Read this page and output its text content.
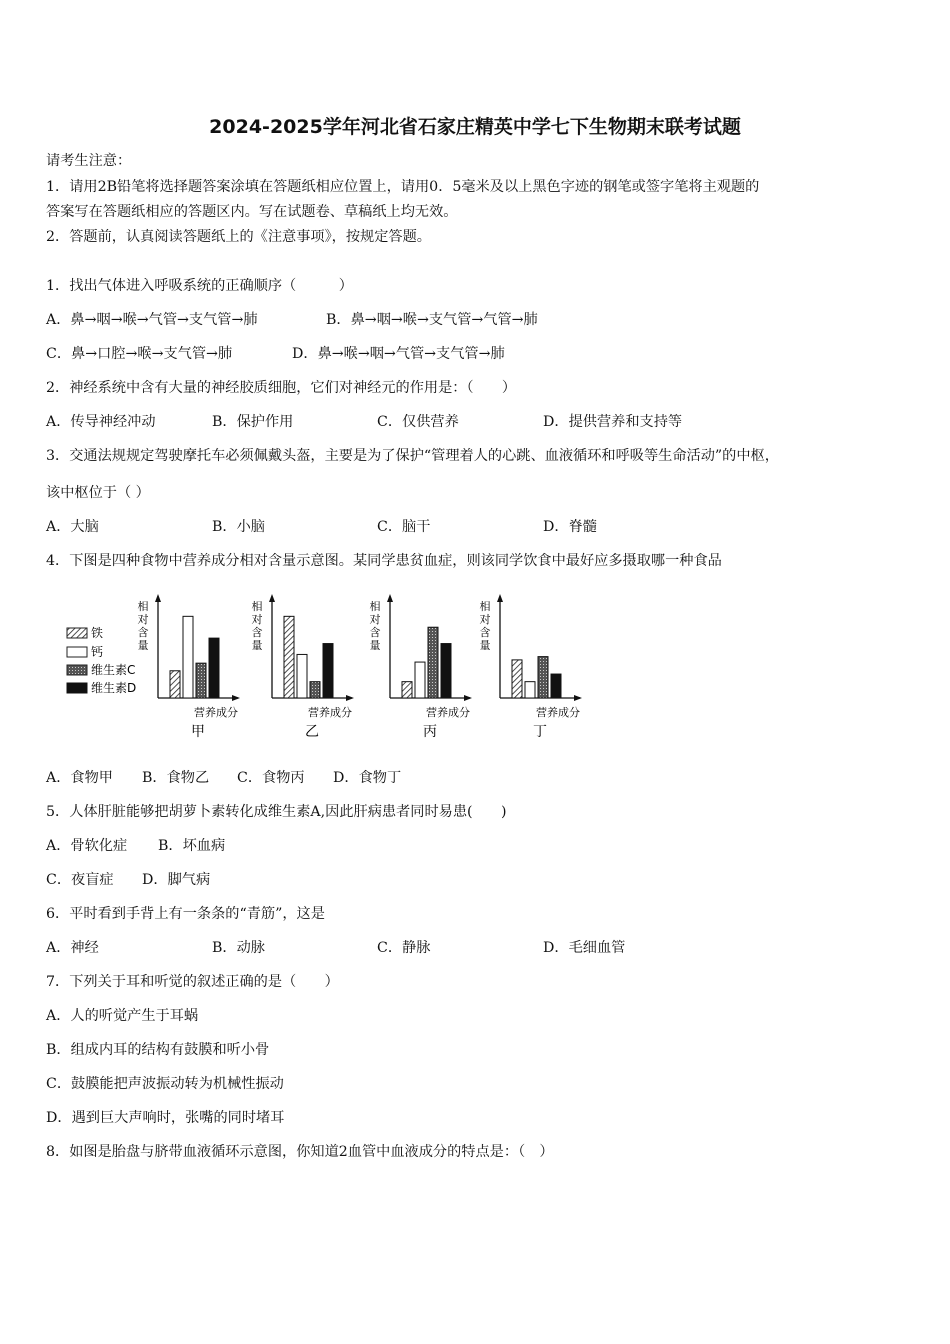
2024-2025学年河北省石家庄精英中学七下生物期末联考试题
请考生注意：
1．请用2B铅笔将选择题答案涂填在答题纸相应位置上，请用0．5毫米及以上黑色字迹的钢笔或签字笔将主观题的
答案写在答题纸相应的答题区内。写在试题卷、草稿纸上均无效。
2．答题前，认真阅读答题纸上的《注意事项》，按规定答题。
1．找出气体进入呼吸系统的正确顺序（　　　）
A．鼻→咽→喉→气管→支气管→肺	B．鼻→咽→喉→支气管→气管→肺
C．鼻→口腔→喉→支气管→肺	D．鼻→喉→咽→气管→支气管→肺
2．神经系统中含有大量的神经胶质细胞，它们对神经元的作用是：（　　）
A．传导神经冲动	B．保护作用	C．仅供营养	D．提供营养和支持等
3．交通法规规定驾驶摩托车必须佩戴头盔，主要是为了保护“管理着人的心跳、血液循环和呼吸等生命活动”的中枢，
该中枢位于（ ）
A．大脑	B．小脑	C．脑干	D．脊髓
4．下图是四种食物中营养成分相对含量示意图。某同学患贫血症，则该同学饮食中最好应多摄取哪一种食品
铁
钙
维生素C
维生素D
相
对
含
量
营养成分
甲
相
对
含
量
营养成分
乙
相
对
含
量
营养成分
丙
相
对
含
量
营养成分
丁
A．食物甲 B．食物乙 C．食物丙 D．食物丁
5．人体肝脏能够把胡萝卜素转化成维生素A,因此肝病患者同时易患(　　)
A．骨软化症 B．坏血病
C．夜盲症 D．脚气病
6．平时看到手背上有一条条的“青筋”，这是
A．神经	B．动脉	C．静脉	D．毛细血管
7．下列关于耳和听觉的叙述正确的是（　　）
A．人的听觉产生于耳蜗
B．组成内耳的结构有鼓膜和听小骨
C．鼓膜能把声波振动转为机械性振动
D．遇到巨大声响时，张嘴的同时堵耳
8．如图是胎盘与脐带血液循环示意图，你知道2血管中血液成分的特点是：（　）
